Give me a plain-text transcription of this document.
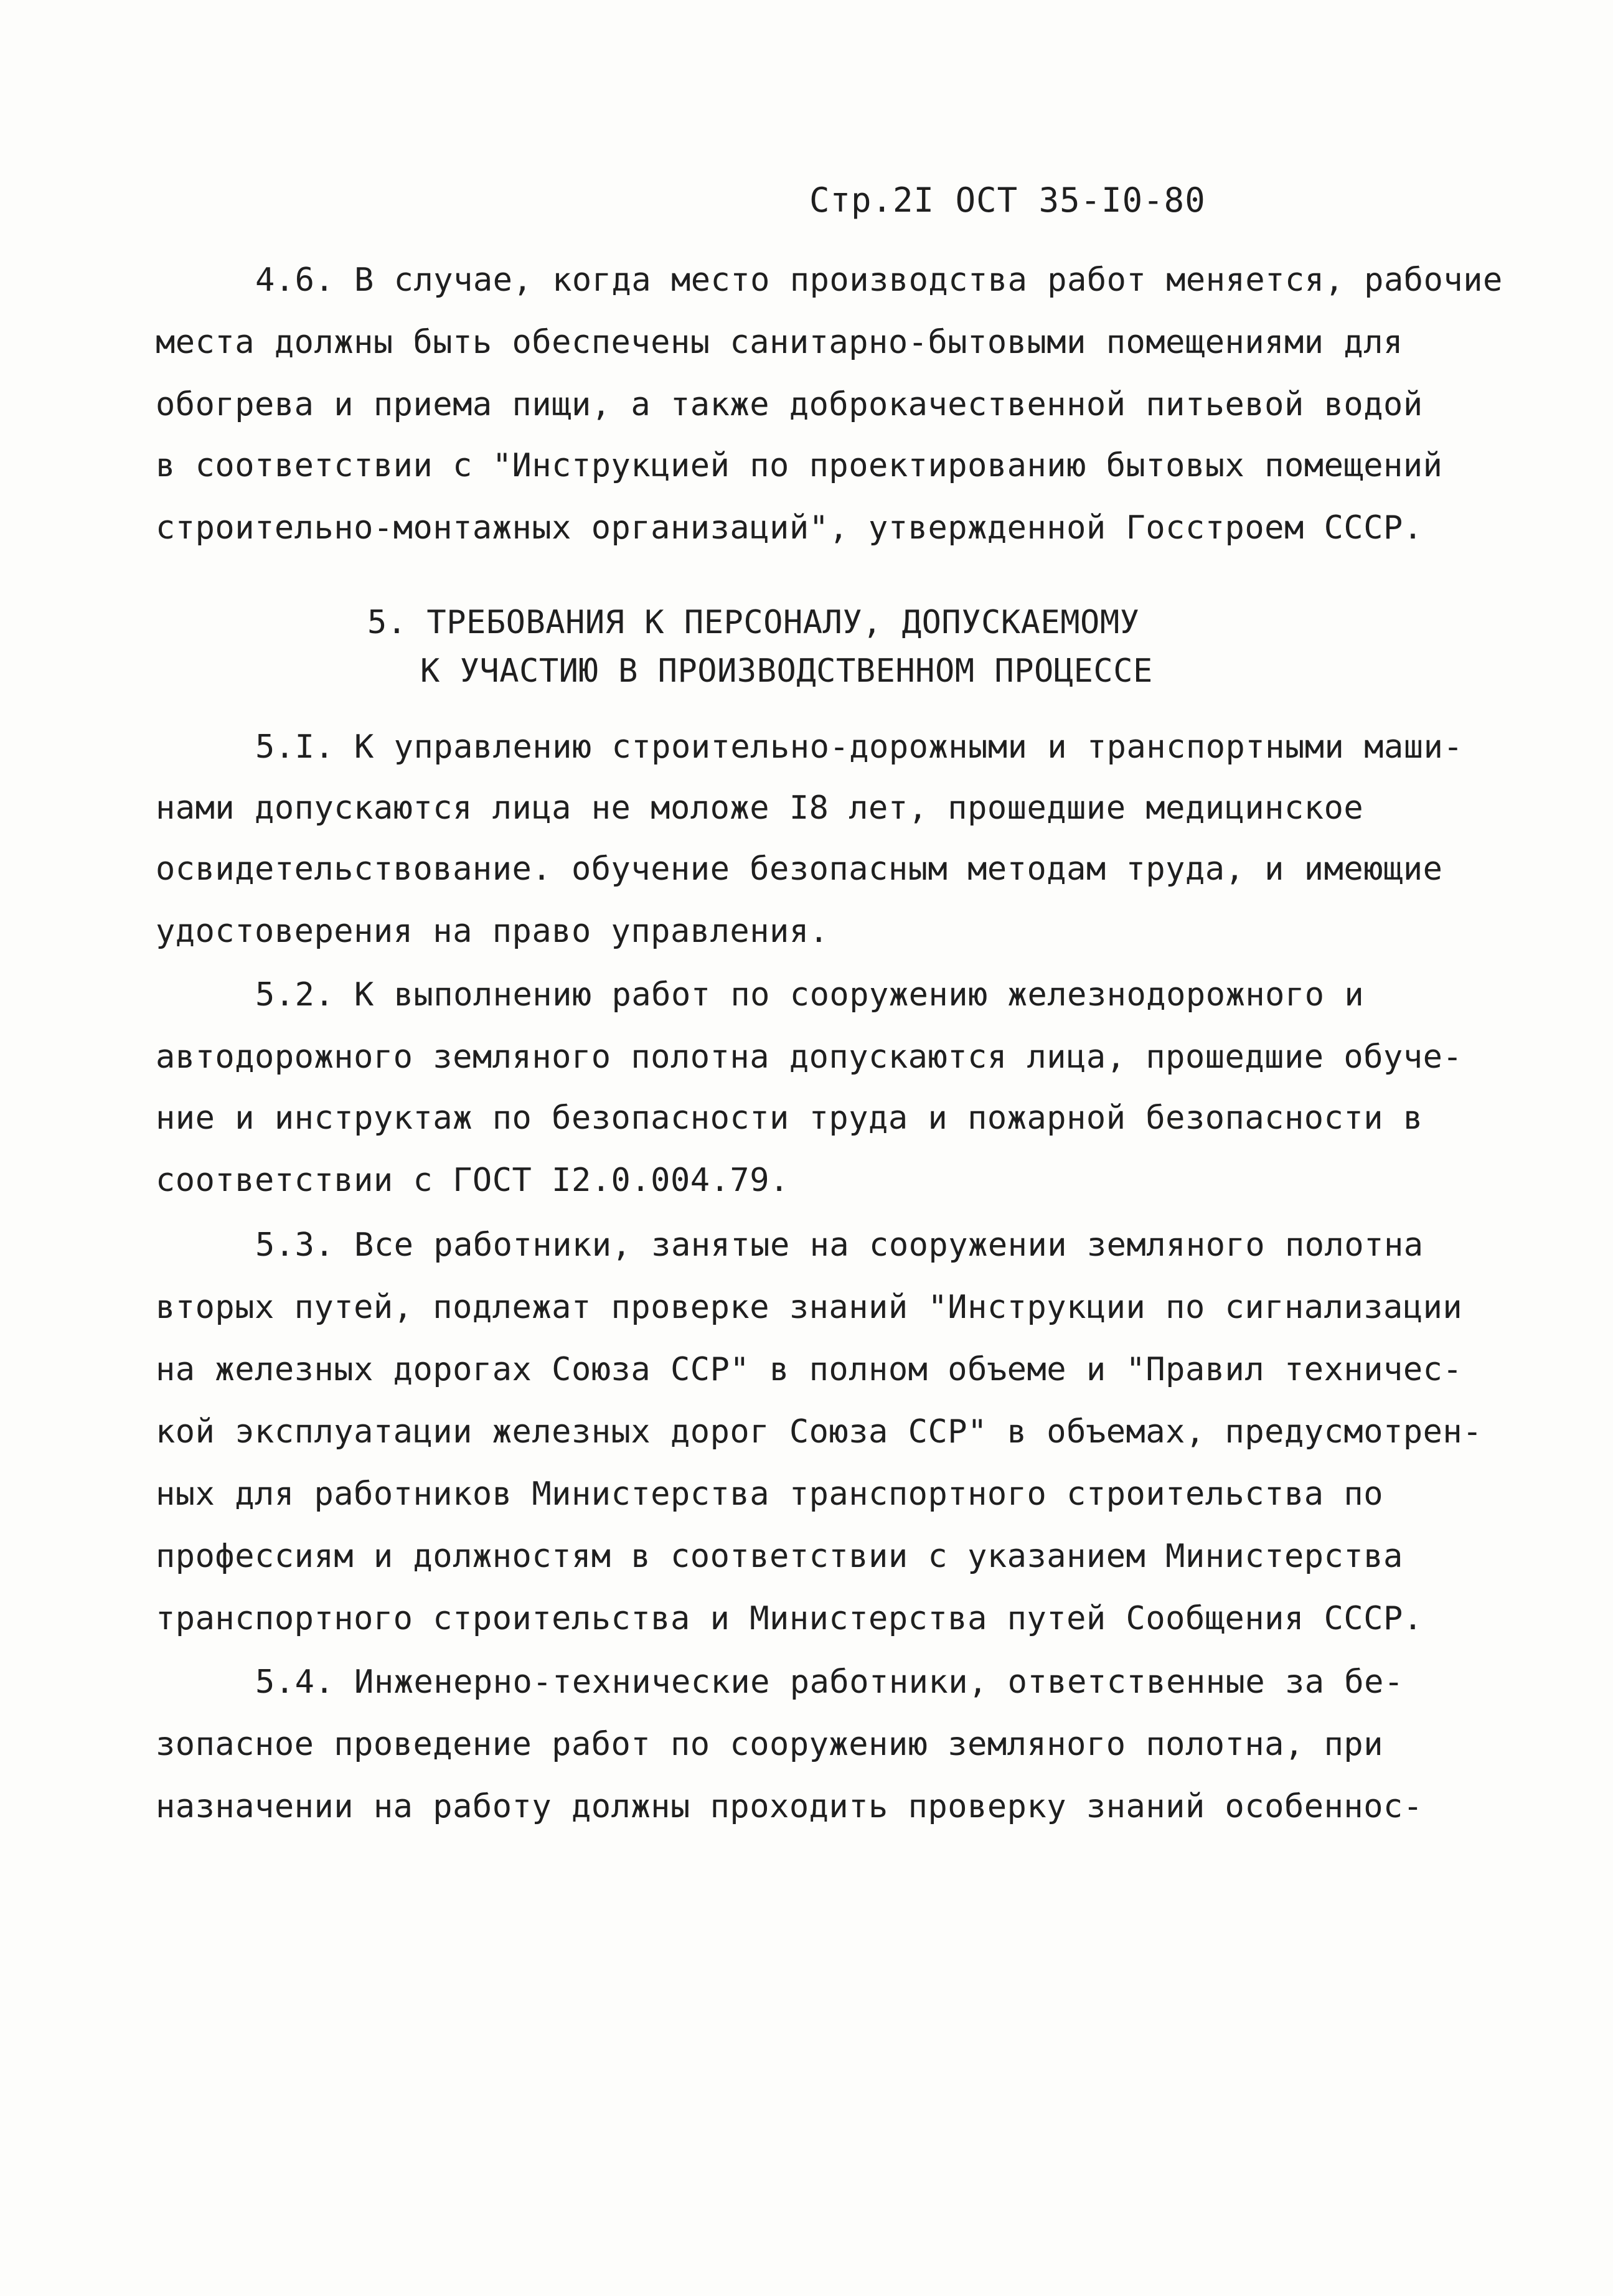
Стр.2I ОСТ 35-I0-80
4.6. В случае, когда место производства работ меняется, рабочие
места должны быть обеспечены санитарно-бытовыми помещениями для
обогрева и приема пищи, а также доброкачественной питьевой водой
в соответствии с "Инструкцией по проектированию бытовых помещений
строительно-монтажных организаций", утвержденной Госстроем СССР.
5. ТРЕБОВАНИЯ К ПЕРСОНАЛУ, ДОПУСКАЕМОМУ
К УЧАСТИЮ В ПРОИЗВОДСТВЕННОМ ПРОЦЕССЕ
5.I. К управлению строительно-дорожными и транспортными маши-
нами допускаются лица не моложе I8 лет, прошедшие медицинское
освидетельствование. обучение безопасным методам труда, и имеющие
удостоверения на право управления.
5.2. К выполнению работ по сооружению железнодорожного и
автодорожного земляного полотна допускаются лица, прошедшие обуче-
ние и инструктаж по безопасности труда и пожарной безопасности в
соответствии с ГОСТ I2.0.004.79.
5.3. Все работники, занятые на сооружении земляного полотна
вторых путей, подлежат проверке знаний "Инструкции по сигнализации
на железных дорогах Союза ССР" в полном объеме и "Правил техничес-
кой эксплуатации железных дорог Союза ССР" в объемах, предусмотрен-
ных для работников Министерства транспортного строительства по
профессиям и должностям в соответствии с указанием Министерства
транспортного строительства и Министерства путей Сообщения СССР.
5.4. Инженерно-технические работники, ответственные за бе-
зопасное проведение работ по сооружению земляного полотна, при
назначении на работу должны проходить проверку знаний особеннос-
